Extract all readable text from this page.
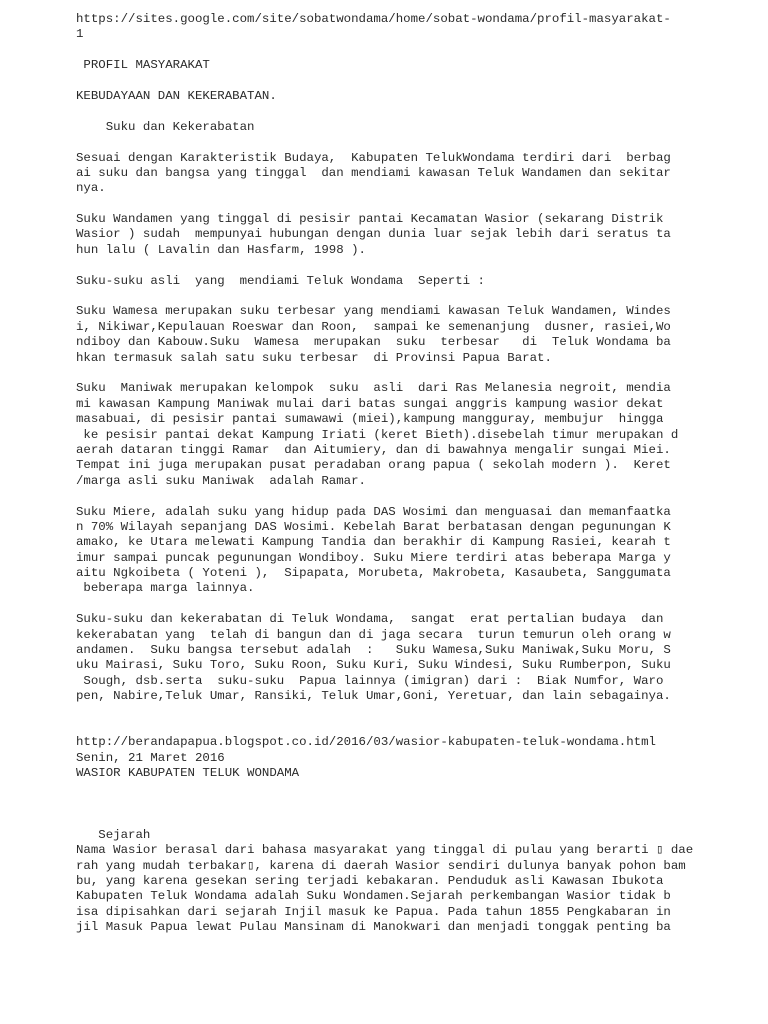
https://sites.google.com/site/sobatwondama/home/sobat-wondama/profil-masyarakat-
1
PROFIL MASYARAKAT
KEBUDAYAAN DAN KEKERABATAN.
Suku dan Kekerabatan
Sesuai dengan Karakteristik Budaya,  Kabupaten TelukWondama terdiri dari  berbag
ai suku dan bangsa yang tinggal  dan mendiami kawasan Teluk Wandamen dan sekitar
nya.
Suku Wandamen yang tinggal di pesisir pantai Kecamatan Wasior (sekarang Distrik
Wasior ) sudah  mempunyai hubungan dengan dunia luar sejak lebih dari seratus ta
hun lalu ( Lavalin dan Hasfarm, 1998 ).
Suku-suku asli  yang  mendiami Teluk Wondama  Seperti :
Suku Wamesa merupakan suku terbesar yang mendiami kawasan Teluk Wandamen, Windes
i, Nikiwar,Kepulauan Roeswar dan Roon,  sampai ke semenanjung  dusner, rasiei,Wo
ndiboy dan Kabouw.Suku  Wamesa  merupakan  suku  terbesar   di  Teluk Wondama ba
hkan termasuk salah satu suku terbesar  di Provinsi Papua Barat.
Suku  Maniwak merupakan kelompok  suku  asli  dari Ras Melanesia negroit, mendia
mi kawasan Kampung Maniwak mulai dari batas sungai anggris kampung wasior dekat
masabuai, di pesisir pantai sumawawi (miei),kampung mangguray, membujur  hingga
ke pesisir pantai dekat Kampung Iriati (keret Bieth).disebelah timur merupakan d
aerah dataran tinggi Ramar  dan Aitumiery, dan di bawahnya mengalir sungai Miei.
Tempat ini juga merupakan pusat peradaban orang papua ( sekolah modern ).  Keret
/marga asli suku Maniwak  adalah Ramar.
Suku Miere, adalah suku yang hidup pada DAS Wosimi dan menguasai dan memanfaatka
n 70% Wilayah sepanjang DAS Wosimi. Kebelah Barat berbatasan dengan pegunungan K
amako, ke Utara melewati Kampung Tandia dan berakhir di Kampung Rasiei, kearah t
imur sampai puncak pegunungan Wondiboy. Suku Miere terdiri atas beberapa Marga y
aitu Ngkoibeta ( Yoteni ),  Sipapata, Morubeta, Makrobeta, Kasaubeta, Sanggumata
beberapa marga lainnya.
Suku-suku dan kekerabatan di Teluk Wondama,  sangat  erat pertalian budaya  dan
kekerabatan yang  telah di bangun dan di jaga secara  turun temurun oleh orang w
andamen.  Suku bangsa tersebut adalah  :   Suku Wamesa,Suku Maniwak,Suku Moru, S
uku Mairasi, Suku Toro, Suku Roon, Suku Kuri, Suku Windesi, Suku Rumberpon, Suku
Sough, dsb.serta  suku-suku  Papua lainnya (imigran) dari :  Biak Numfor, Waro
pen, Nabire,Teluk Umar, Ransiki, Teluk Umar,Goni, Yeretuar, dan lain sebagainya.
http://berandapapua.blogspot.co.id/2016/03/wasior-kabupaten-teluk-wondama.html
Senin, 21 Maret 2016
WASIOR KABUPATEN TELUK WONDAMA
Sejarah
Nama Wasior berasal dari bahasa masyarakat yang tinggal di pulau yang berarti ▯ dae
rah yang mudah terbakar▯, karena di daerah Wasior sendiri dulunya banyak pohon bam
bu, yang karena gesekan sering terjadi kebakaran. Penduduk asli Kawasan Ibukota
Kabupaten Teluk Wondama adalah Suku Wondamen.Sejarah perkembangan Wasior tidak b
isa dipisahkan dari sejarah Injil masuk ke Papua. Pada tahun 1855 Pengkabaran in
jil Masuk Papua lewat Pulau Mansinam di Manokwari dan menjadi tonggak penting ba
